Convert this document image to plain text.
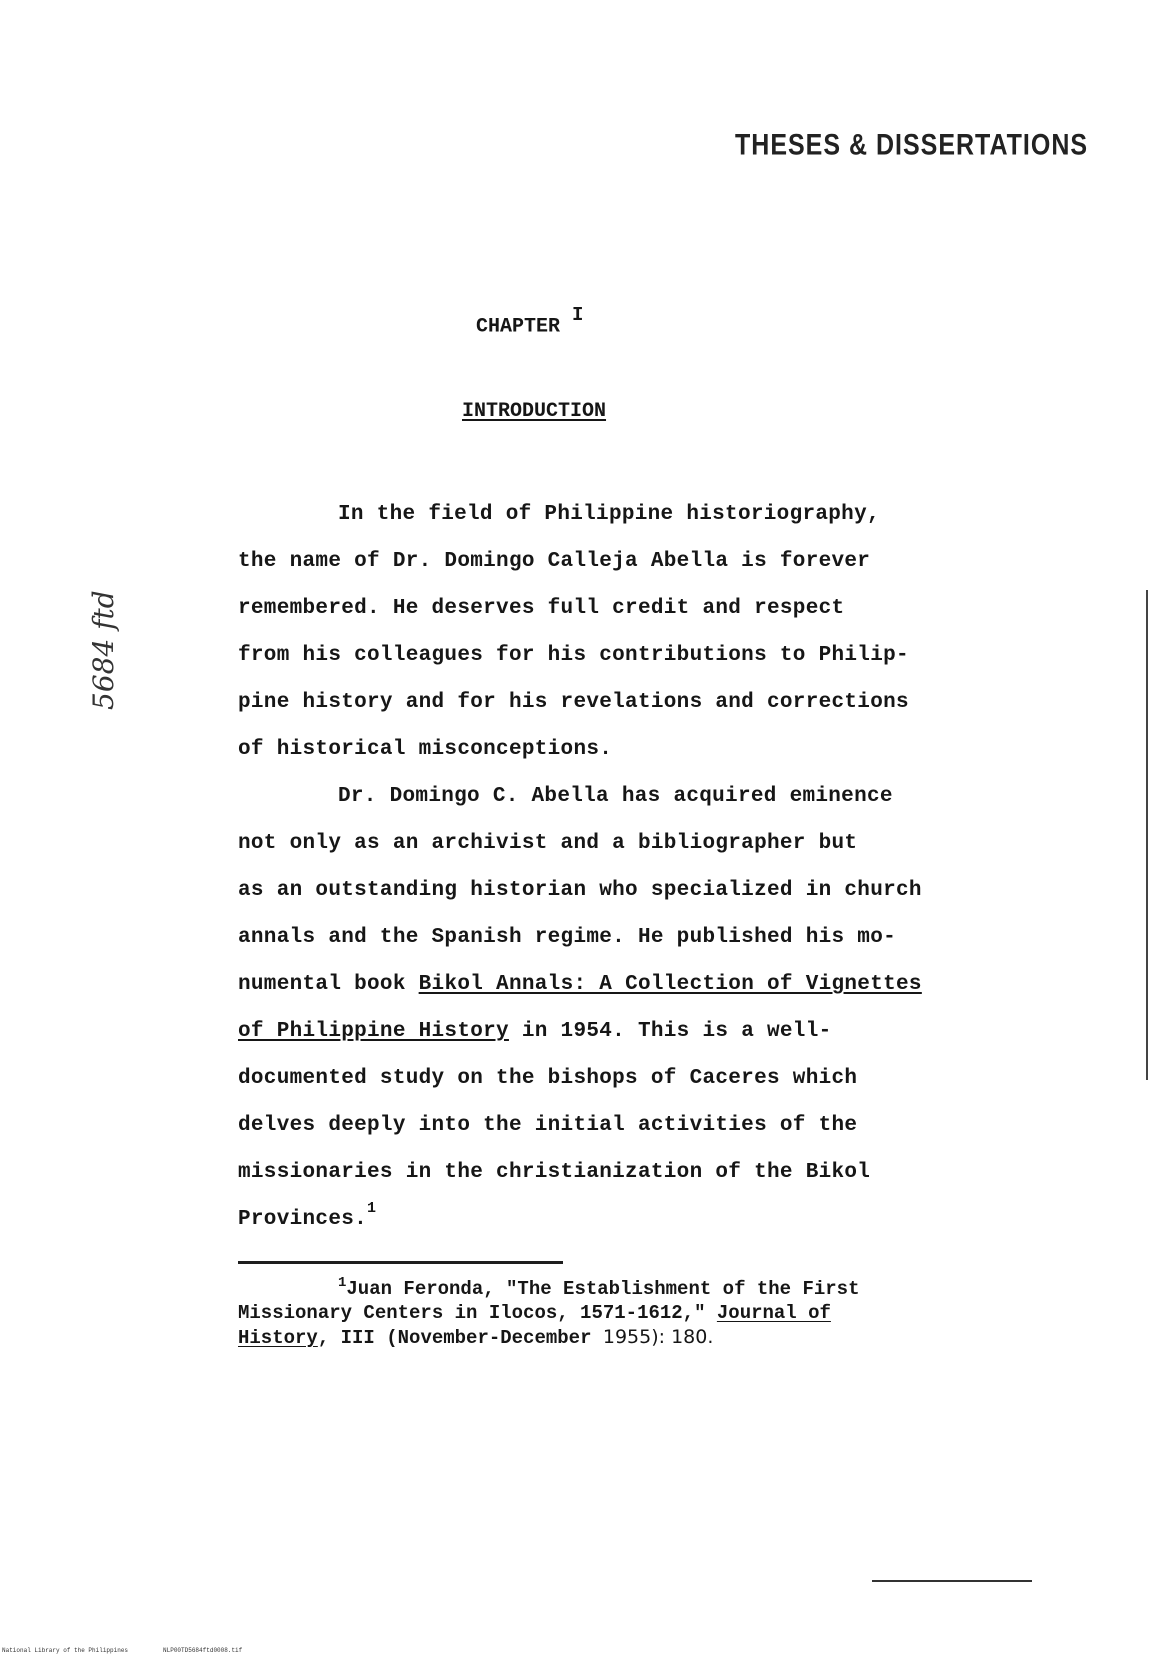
THESES & DISSERTATIONS
5684 ftd
CHAPTER $^I$
INTRODUCTION
In the field of Philippine historiography,
the name of Dr. Domingo Calleja Abella is forever
remembered. He deserves full credit and respect
from his colleagues for his contributions to Philip-
pine history and for his revelations and corrections
of historical misconceptions.
Dr. Domingo C. Abella has acquired eminence
not only as an archivist and a bibliographer but
as an outstanding historian who specialized in church
annals and the Spanish regime. He published his mo-
numental book Bikol Annals: A Collection of Vignettes
of Philippine History in 1954. This is a well-
documented study on the bishops of Caceres which
delves deeply into the initial activities of the
missionaries in the christianization of the Bikol
Provinces.$^1$
$^1$Juan Feronda, "The Establishment of the First
Missionary Centers in Ilocos, 1571-1612," Journal of
History, III (November-December 1955): 180.
National Library of the Philippines	NLP00TD5684ftd0008.tif
